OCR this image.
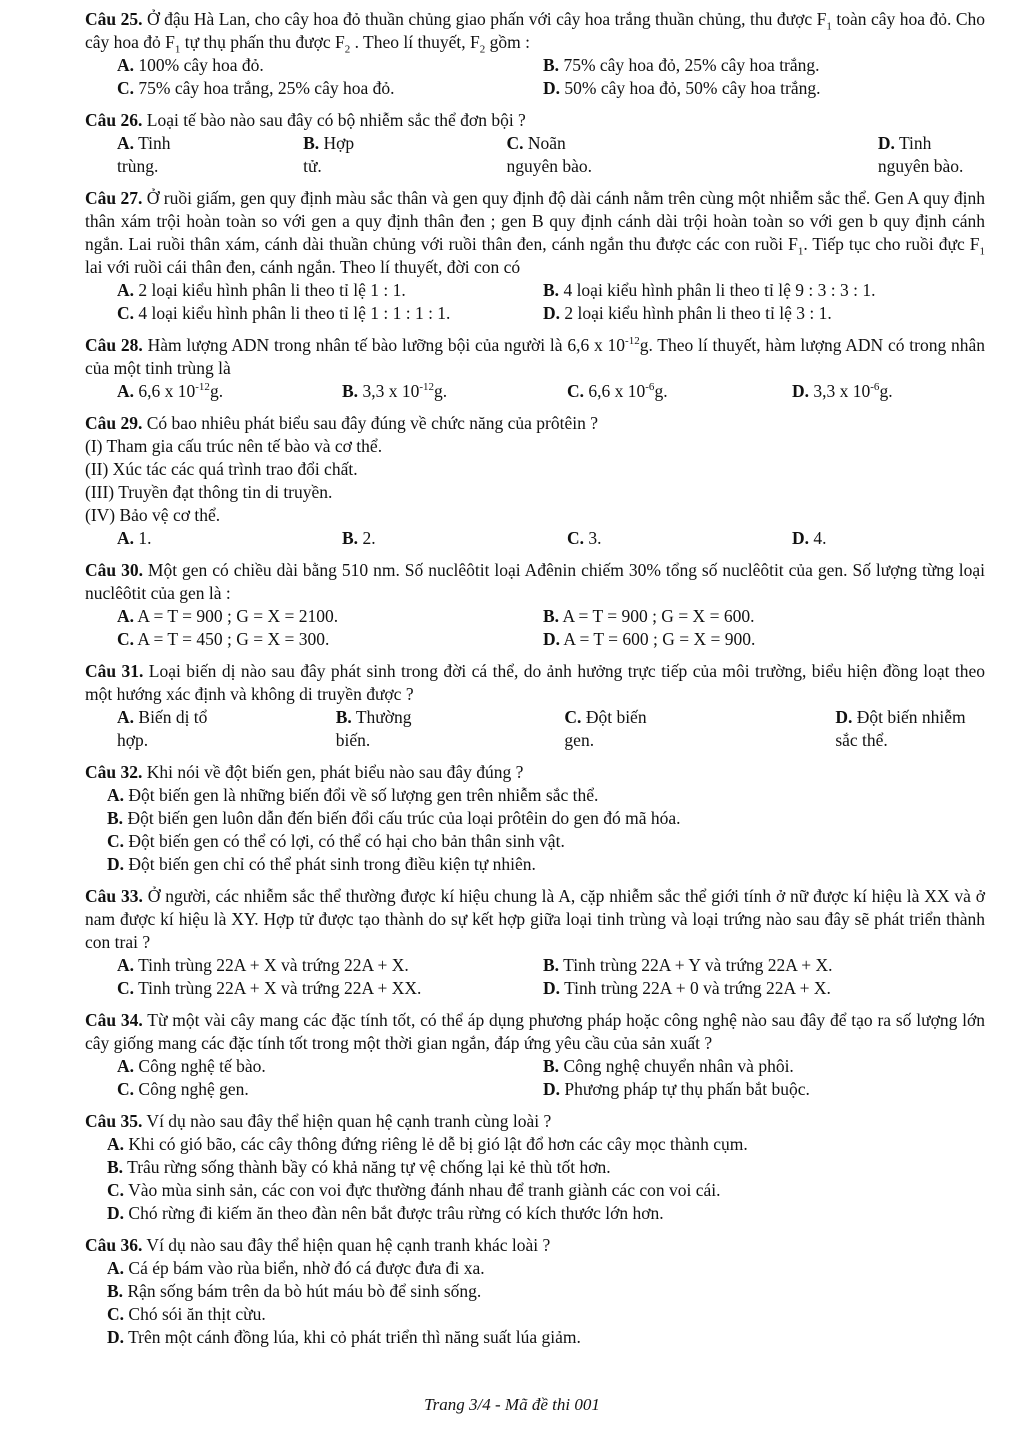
Câu 25. Ở đậu Hà Lan, cho cây hoa đỏ thuần chủng giao phấn với cây hoa trắng thuần chủng, thu được $F_1$ toàn cây hoa đỏ. Cho cây hoa đỏ $F_1$ tự thụ phấn thu được $F_2$ . Theo lí thuyết, $F_2$ gồm :
A. 100% cây hoa đỏ.	B. 75% cây hoa đỏ, 25% cây hoa trắng.
C. 75% cây hoa trắng, 25% cây hoa đỏ.	D. 50% cây hoa đỏ, 50% cây hoa trắng.
Câu 26. Loại tế bào nào sau đây có bộ nhiễm sắc thể đơn bội ?
A. Tinh trùng.
B. Hợp tử.
C. Noãn nguyên bào.
D. Tinh nguyên bào.
Câu 27. Ở ruồi giấm, gen quy định màu sắc thân và gen quy định độ dài cánh nằm trên cùng một nhiễm sắc thể. Gen A quy định thân xám trội hoàn toàn so với gen a quy định thân đen ; gen B quy định cánh dài trội hoàn toàn so với gen b quy định cánh ngắn. Lai ruồi thân xám, cánh dài thuần chủng với ruồi thân đen, cánh ngắn thu được các con ruồi $F_1$. Tiếp tục cho ruồi đực $F_1$ lai với ruồi cái thân đen, cánh ngắn. Theo lí thuyết, đời con có
A. 2 loại kiểu hình phân li theo tỉ lệ 1 : 1.	B. 4 loại kiểu hình phân li theo tỉ lệ 9 : 3 : 3 : 1.
C. 4 loại kiểu hình phân li theo tỉ lệ 1 : 1 : 1 : 1.	D. 2 loại kiểu hình phân li theo tỉ lệ 3 : 1.
Câu 28. Hàm lượng ADN trong nhân tế bào lưỡng bội của người là 6,6 x $10^{-12}g$. Theo lí thuyết, hàm lượng ADN có trong nhân của một tinh trùng là
A. 6,6 x $10^{-12}g$.	B. 3,3 x $10^{-12}g$.	C. 6,6 x $10^{-6}g$.	D. 3,3 x $10^{-6}g$.
Câu 29. Có bao nhiêu phát biểu sau đây đúng về chức năng của prôtêin ?
(I) Tham gia cấu trúc nên tế bào và cơ thể.
(II) Xúc tác các quá trình trao đổi chất.
(III) Truyền đạt thông tin di truyền.
(IV) Bảo vệ cơ thể.
A. 1.	B. 2.	C. 3.	D. 4.
Câu 30. Một gen có chiều dài bằng 510 nm. Số nuclêôtit loại Ađênin chiếm 30% tổng số nuclêôtit của gen. Số lượng từng loại nuclêôtit của gen là :
A. A = T = 900 ; G = X = 2100.	B. A = T = 900 ; G = X = 600.
C. A = T = 450 ; G = X = 300.	D. A = T = 600 ; G = X = 900.
Câu 31. Loại biến dị nào sau đây phát sinh trong đời cá thể, do ảnh hưởng trực tiếp của môi trường, biểu hiện đồng loạt theo một hướng xác định và không di truyền được ?
A. Biến dị tổ hợp.
B. Thường biến.
C. Đột biến gen.
D. Đột biến nhiễm sắc thể.
Câu 32. Khi nói về đột biến gen, phát biểu nào sau đây đúng ?
A. Đột biến gen là những biến đổi về số lượng gen trên nhiễm sắc thể.
B. Đột biến gen luôn dẫn đến biến đổi cấu trúc của loại prôtêin do gen đó mã hóa.
C. Đột biến gen có thể có lợi, có thể có hại cho bản thân sinh vật.
D. Đột biến gen chỉ có thể phát sinh trong điều kiện tự nhiên.
Câu 33. Ở người, các nhiễm sắc thể thường được kí hiệu chung là A, cặp nhiễm sắc thể giới tính ở nữ được kí hiệu là XX và ở nam được kí hiệu là XY. Hợp tử được tạo thành do sự kết hợp giữa loại tinh trùng và loại trứng nào sau đây sẽ phát triển thành con trai ?
A. Tinh trùng 22A + X và trứng 22A + X.	B. Tinh trùng 22A + Y và trứng 22A + X.
C. Tinh trùng 22A + X và trứng 22A + XX.	D. Tinh trùng 22A + 0 và trứng 22A + X.
Câu 34. Từ một vài cây mang các đặc tính tốt, có thể áp dụng phương pháp hoặc công nghệ nào sau đây để tạo ra số lượng lớn cây giống mang các đặc tính tốt trong một thời gian ngắn, đáp ứng yêu cầu của sản xuất ?
A. Công nghệ tế bào.	B. Công nghệ chuyển nhân và phôi.
C. Công nghệ gen.	D. Phương pháp tự thụ phấn bắt buộc.
Câu 35. Ví dụ nào sau đây thể hiện quan hệ cạnh tranh cùng loài ?
A. Khi có gió bão, các cây thông đứng riêng lẻ dễ bị gió lật đổ hơn các cây mọc thành cụm.
B. Trâu rừng sống thành bầy có khả năng tự vệ chống lại kẻ thù tốt hơn.
C. Vào mùa sinh sản, các con voi đực thường đánh nhau để tranh giành các con voi cái.
D. Chó rừng đi kiếm ăn theo đàn nên bắt được trâu rừng có kích thước lớn hơn.
Câu 36. Ví dụ nào sau đây thể hiện quan hệ cạnh tranh khác loài ?
A. Cá ép bám vào rùa biển, nhờ đó cá được đưa đi xa.
B. Rận sống bám trên da bò hút máu bò để sinh sống.
C. Chó sói ăn thịt cừu.
D. Trên một cánh đồng lúa, khi cỏ phát triển thì năng suất lúa giảm.
Trang 3/4 - Mã đề thi 001
